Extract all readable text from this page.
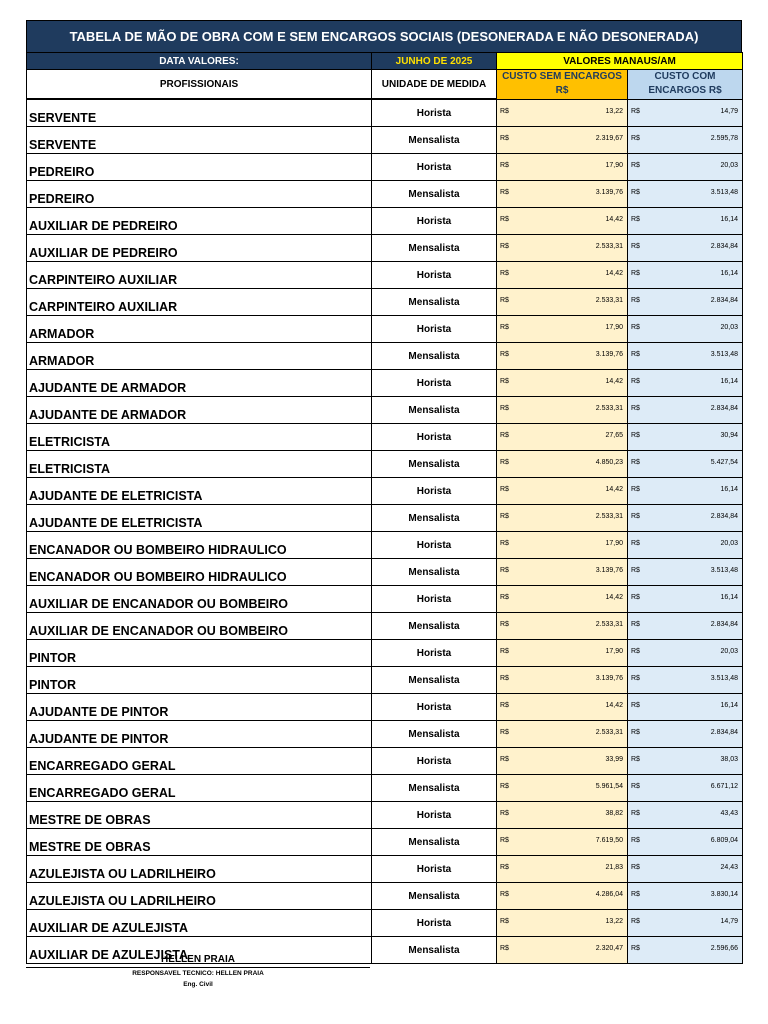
TABELA DE MÃO DE OBRA COM E SEM ENCARGOS SOCIAIS (DESONERADA E NÃO DESONERADA)
DATA VALORES:	JUNHO DE 2025	VALORES MANAUS/AM	
PROFISSIONAIS	UNIDADE DE MEDIDA	CUSTO SEM ENCARGOS R$	CUSTO COM ENCARGOS R$
SERVENTE	Horista	R$ 13,22	R$ 14,79

SERVENTE	Mensalista	R$ 2.319,67	R$ 2.595,78

PEDREIRO	Horista	R$ 17,90	R$ 20,03

PEDREIRO	Mensalista	R$ 3.139,76	R$ 3.513,48

AUXILIAR DE PEDREIRO	Horista	R$ 14,42	R$ 16,14

AUXILIAR DE PEDREIRO	Mensalista	R$ 2.533,31	R$ 2.834,84

CARPINTEIRO AUXILIAR	Horista	R$ 14,42	R$ 16,14

CARPINTEIRO AUXILIAR	Mensalista	R$ 2.533,31	R$ 2.834,84

ARMADOR	Horista	R$ 17,90	R$ 20,03

ARMADOR	Mensalista	R$ 3.139,76	R$ 3.513,48

AJUDANTE DE ARMADOR	Horista	R$ 14,42	R$ 16,14

AJUDANTE DE ARMADOR	Mensalista	R$ 2.533,31	R$ 2.834,84

ELETRICISTA	Horista	R$ 27,65	R$ 30,94

ELETRICISTA	Mensalista	R$ 4.850,23	R$ 5.427,54

AJUDANTE DE ELETRICISTA	Horista	R$ 14,42	R$ 16,14

AJUDANTE DE ELETRICISTA	Mensalista	R$ 2.533,31	R$ 2.834,84

ENCANADOR OU BOMBEIRO HIDRAULICO	Horista	R$ 17,90	R$ 20,03

ENCANADOR OU BOMBEIRO HIDRAULICO	Mensalista	R$ 3.139,76	R$ 3.513,48

AUXILIAR DE ENCANADOR OU BOMBEIRO	Horista	R$ 14,42	R$ 16,14

AUXILIAR DE ENCANADOR OU BOMBEIRO	Mensalista	R$ 2.533,31	R$ 2.834,84

PINTOR	Horista	R$ 17,90	R$ 20,03

PINTOR	Mensalista	R$ 3.139,76	R$ 3.513,48

AJUDANTE DE PINTOR	Horista	R$ 14,42	R$ 16,14

AJUDANTE DE PINTOR	Mensalista	R$ 2.533,31	R$ 2.834,84

ENCARREGADO GERAL	Horista	R$ 33,99	R$ 38,03

ENCARREGADO GERAL	Mensalista	R$ 5.961,54	R$ 6.671,12

MESTRE DE OBRAS	Horista	R$ 38,82	R$ 43,43

MESTRE DE OBRAS	Mensalista	R$ 7.619,50	R$ 6.809,04

AZULEJISTA OU LADRILHEIRO	Horista	R$ 21,83	R$ 24,43

AZULEJISTA OU LADRILHEIRO	Mensalista	R$ 4.286,04	R$ 3.830,14

AUXILIAR DE AZULEJISTA	Horista	R$ 13,22	R$ 14,79

AUXILIAR DE AZULEJISTA	Mensalista	R$ 2.320,47	R$ 2.596,66
HELLEN PRAIA
RESPONSAVEL TECNICO: HELLEN PRAIA
Eng. Civil
